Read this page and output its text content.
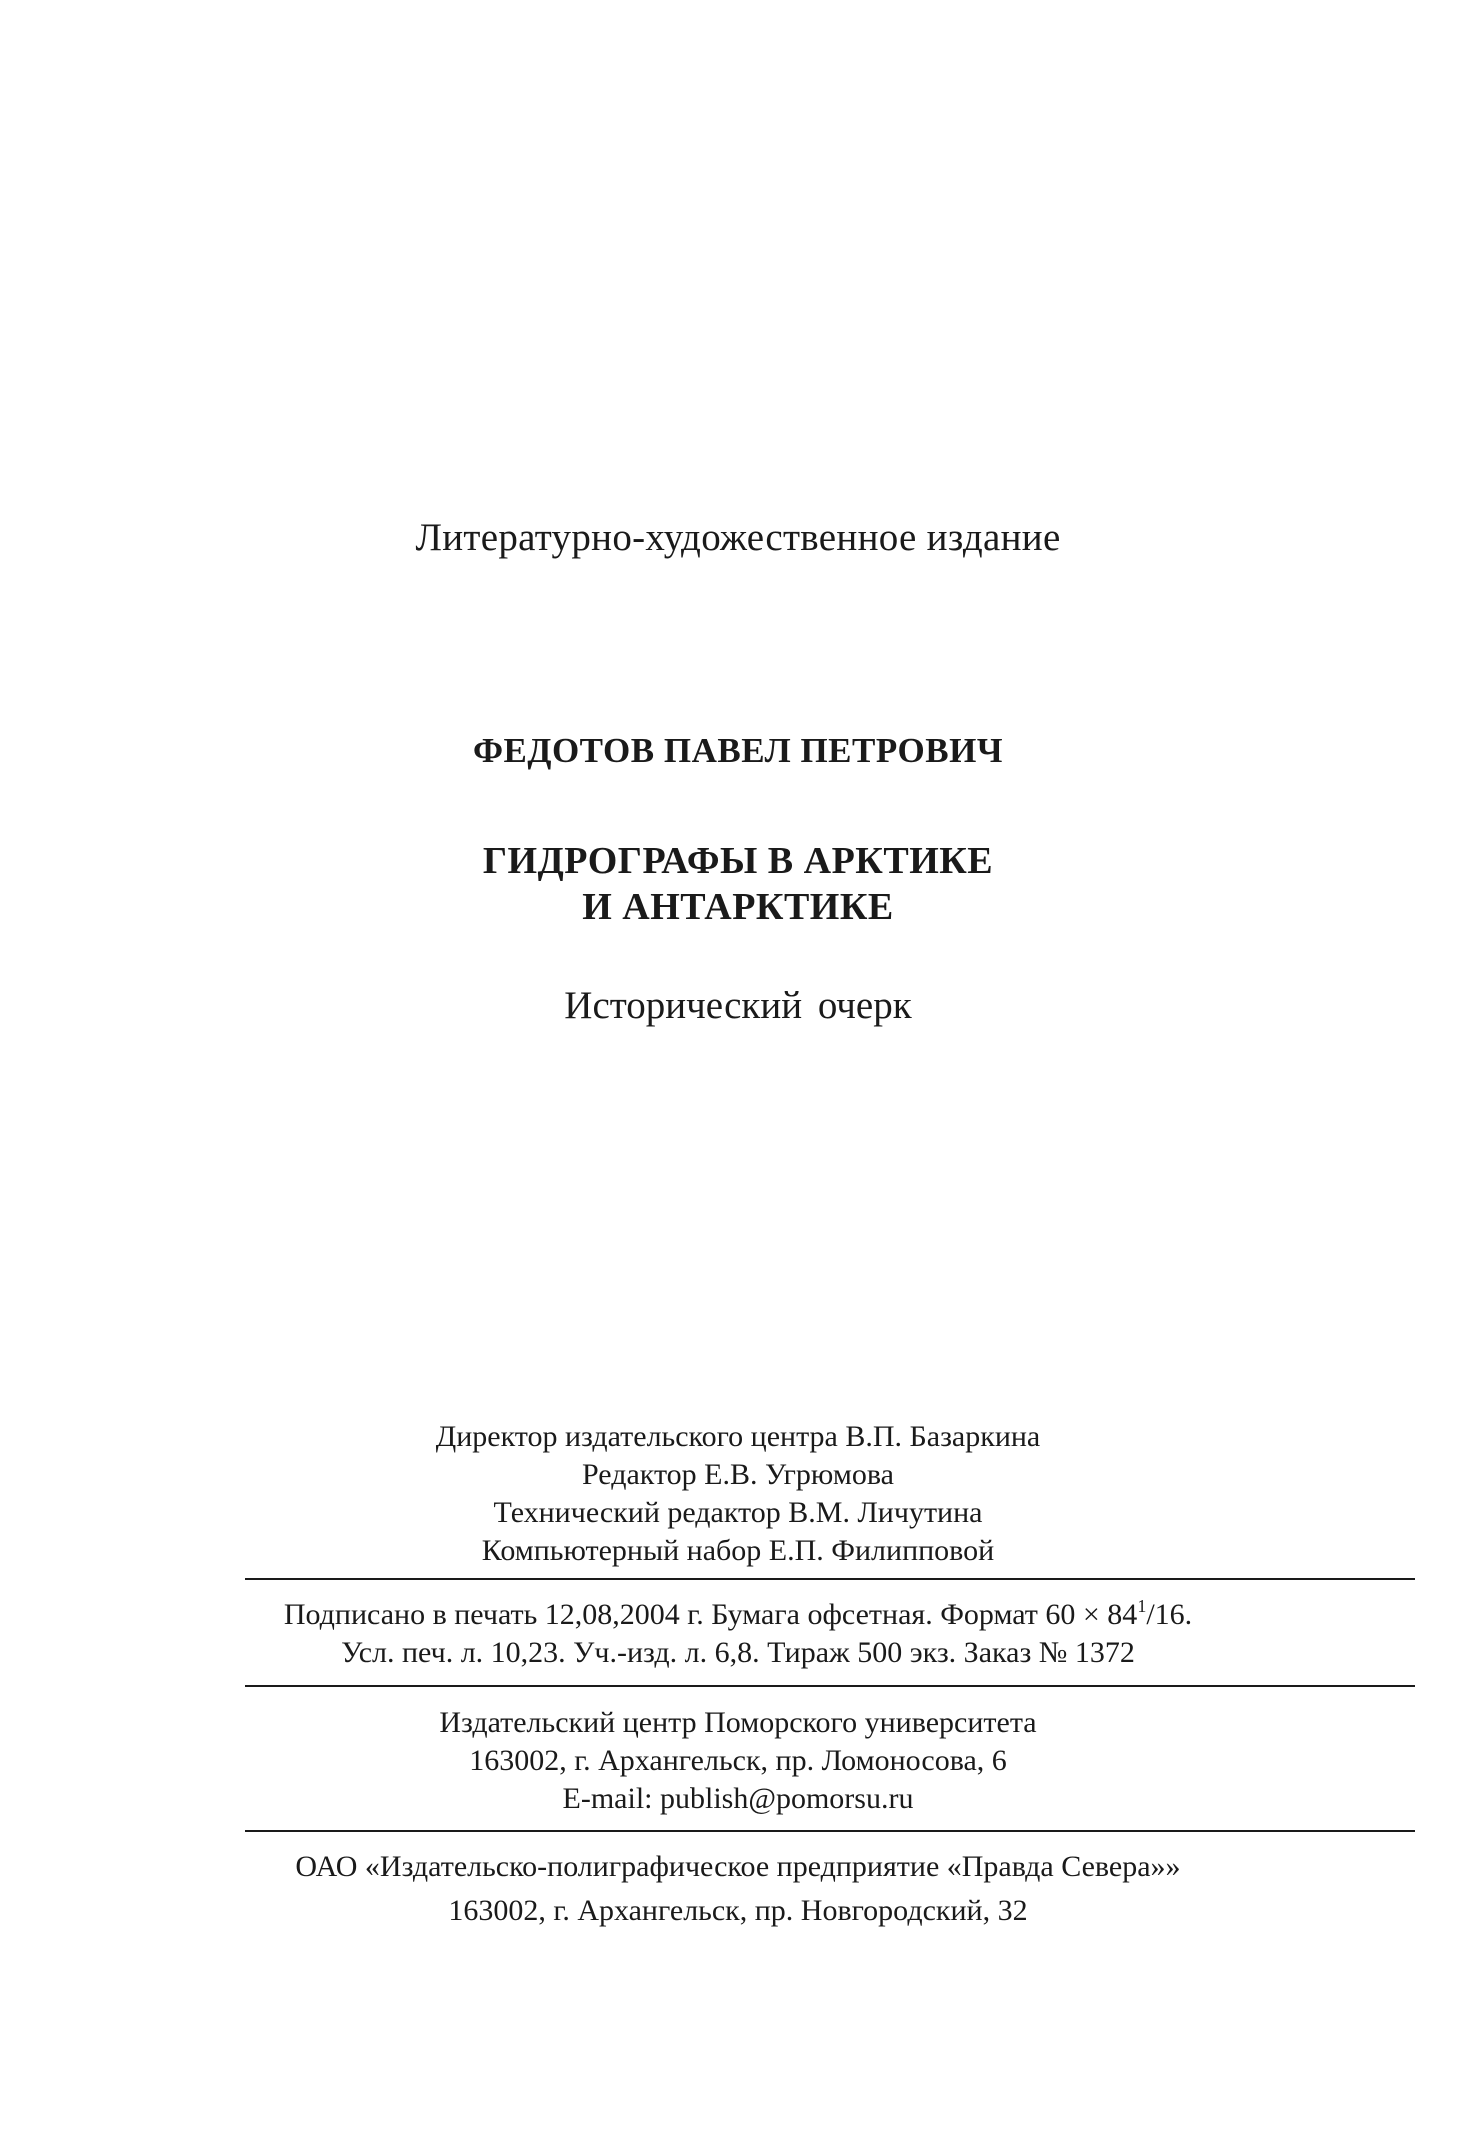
Литературно-художественное издание
ФЕДОТОВ ПАВЕЛ ПЕТРОВИЧ
ГИДРОГРАФЫ В АРКТИКЕ
И АНТАРКТИКЕ
Исторический очерк
Директор издательского центра В.П. Базаркина
Редактор Е.В. Угрюмова
Технический редактор В.М. Личутина
Компьютерный набор Е.П. Филипповой
Подписано в печать 12,08,2004 г. Бумага офсетная. Формат $60 \times 84^1/16$.
Усл. печ. л. 10,23. Уч.-изд. л. 6,8. Тираж 500 экз. Заказ № 1372
Издательский центр Поморского университета
163002, г. Архангельск, пр. Ломоносова, 6
E-mail: publish@pomorsu.ru
ОАО «Издательско-полиграфическое предприятие «Правда Севера»»
163002, г. Архангельск, пр. Новгородский, 32
